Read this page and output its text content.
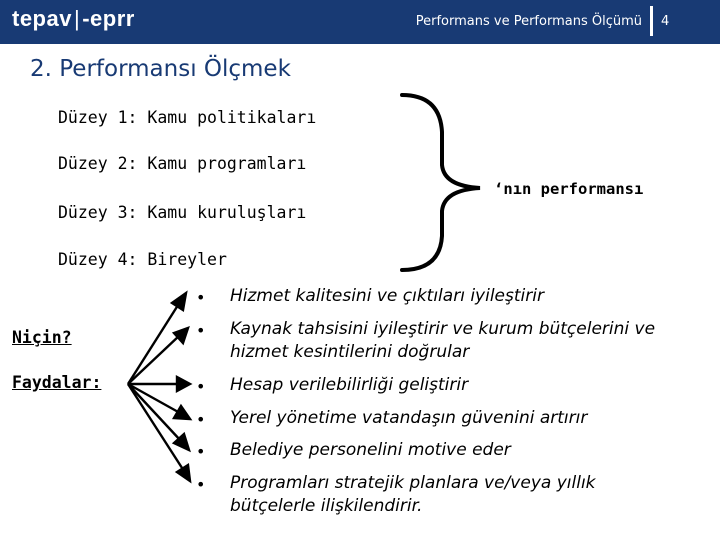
tepav|-eprr	Performans ve Performans Ölçümü 4
2. Performansı Ölçmek
Düzey 1: Kamu politikaları
Düzey 2: Kamu programları
Düzey 3: Kamu kuruluşları
Düzey 4: Bireyler
‘nın performansı
Niçin?
Faydalar:
• Hizmet kalitesini ve çıktıları iyileştirir
• Kaynak tahsisini iyileştirir ve kurum bütçelerini ve
hizmet kesintilerini doğrular
• Hesap verilebilirliği geliştirir
• Yerel yönetime vatandaşın güvenini artırır
• Belediye personelini motive eder
• Programları stratejik planlara ve/veya yıllık
bütçelerle ilişkilendirir.
